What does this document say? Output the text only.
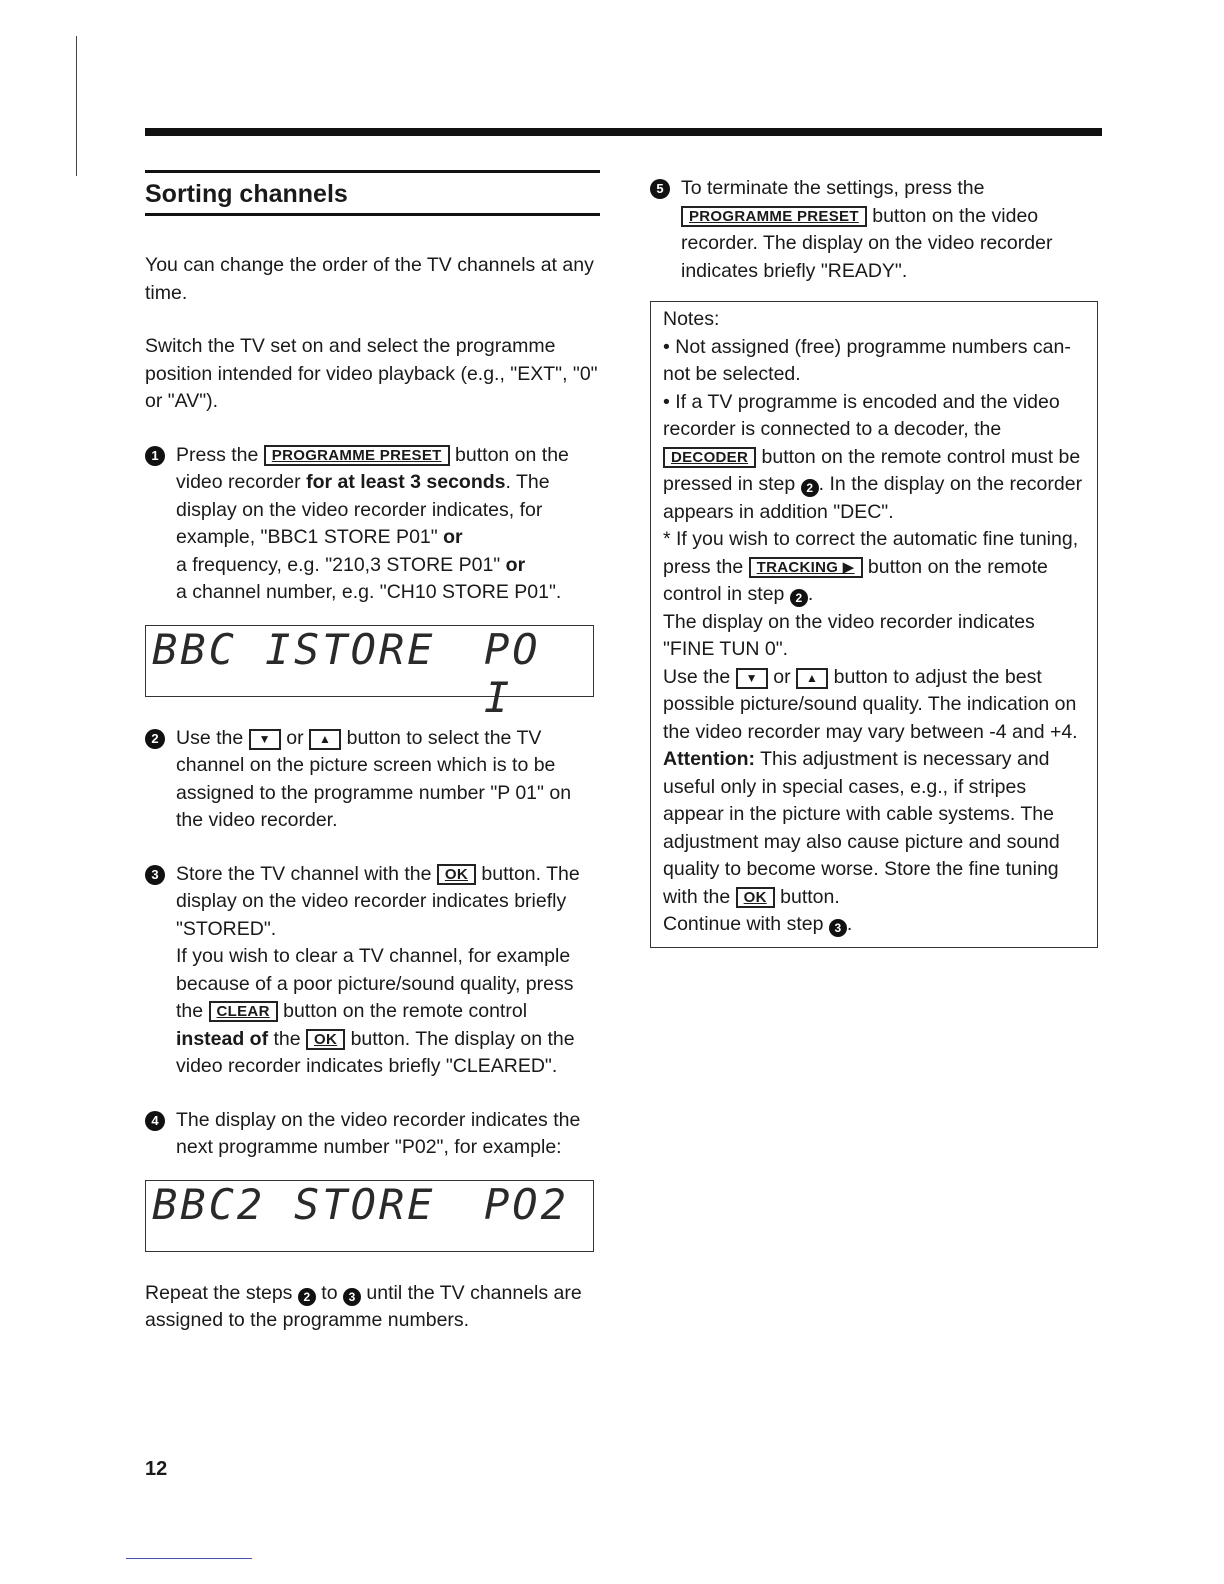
Sorting channels

You can change the order of the TV channels at any time.

Switch the TV set on and select the programme position intended for video playback (e.g., "EXT", "0" or "AV").

1 Press the PROGRAMME PRESET button on the video recorder for at least 3 seconds. The display on the video recorder indicates, for example, "BBC1 STORE P01" or
a frequency, e.g. "210,3 STORE P01" or
a channel number, e.g. "CH10 STORE P01".
BBC I STORE PO I
2 Use the ▼ or ▲ button to select the TV channel on the picture screen which is to be assigned to the programme number "P 01" on the video recorder.
3 Store the TV channel with the OK button. The display on the video recorder indicates briefly "STORED".
If you wish to clear a TV channel, for example because of a poor picture/sound quality, press the CLEAR button on the remote control instead of the OK button. The display on the video recorder indicates briefly "CLEARED".
4 The display on the video recorder indicates the next programme number "P02", for example:
BBC2 STORE PO2

Repeat the steps 2 to 3 until the TV channels are assigned to the programme numbers.

5 To terminate the settings, press the PROGRAMME PRESET button on the video recorder. The display on the video recorder indicates briefly "READY".

Notes:

• Not assigned (free) programme numbers can-not be selected.

• If a TV programme is encoded and the video recorder is connected to a decoder, the DECODER button on the remote control must be pressed in step 2 . In the display on the recorder appears in addition "DEC".

* If you wish to correct the automatic fine tuning, press the TRACKING ▶ button on the remote control in step 2 .

The display on the video recorder indicates "FINE TUN 0".

Use the ▼ or ▲ button to adjust the best possible picture/sound quality. The indication on the video recorder may vary between -4 and +4.

Attention: This adjustment is necessary and useful only in special cases, e.g., if stripes appear in the picture with cable systems. The adjustment may also cause picture and sound quality to become worse. Store the fine tuning with the OK button.

Continue with step 3 .

12
